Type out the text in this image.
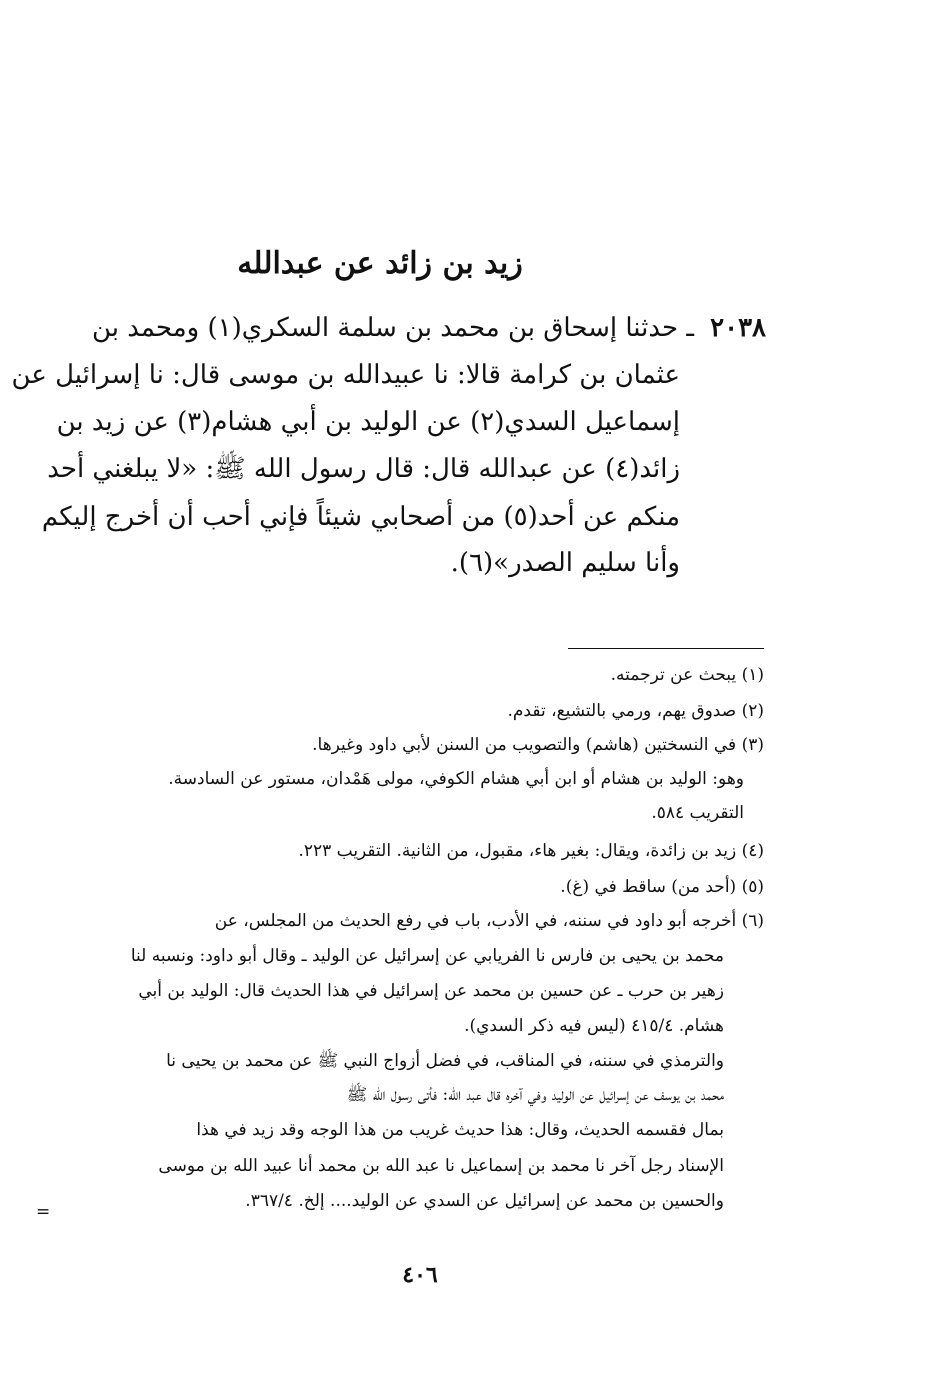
زيد بن زائد عن عبدالله
٢٠٣٨
ـ حدثنا إسحاق بن محمد بن سلمة السكري(١) ومحمد بن
عثمان بن كرامة قالا: نا عبيدالله بن موسى قال: نا إسرائيل عن
إسماعيل السدي(٢) عن الوليد بن أبي هشام(٣) عن زيد بن
زائد(٤) عن عبدالله قال: قال رسول الله ﷺ: «لا يبلغني أحد
منكم عن أحد(٥) من أصحابي شيئاً فإني أحب أن أخرج إليكم
وأنا سليم الصدر»(٦).
(١) يبحث عن ترجمته.
(٢) صدوق يهم، ورمي بالتشيع، تقدم.
(٣) في النسختين (هاشم) والتصويب من السنن لأبي داود وغيرها.
وهو: الوليد بن هشام أو ابن أبي هشام الكوفي، مولى هَمْدان، مستور عن السادسة.
التقريب ٥٨٤.
(٤) زيد بن زائدة، ويقال: بغير هاء، مقبول، من الثانية. التقريب ٢٢٣.
(٥) (أحد من) ساقط في (غ).
(٦) أخرجه أبو داود في سننه، في الأدب، باب في رفع الحديث من المجلس، عن
محمد بن يحيى بن فارس نا الفريابي عن إسرائيل عن الوليد ـ وقال أبو داود: ونسبه لنا
زهير بن حرب ـ عن حسين بن محمد عن إسرائيل في هذا الحديث قال: الوليد بن أبي
هشام. ٤١٥/٤ (ليس فيه ذكر السدي).
والترمذي في سننه، في المناقب، في فضل أزواج النبي ﷺ عن محمد بن يحيى نا
محمد بن يوسف عن إسرائيل عن الوليد وفي آخره قال عبد الله: فأتى رسول الله ﷺ
بمال فقسمه الحديث، وقال: هذا حديث غريب من هذا الوجه وقد زيد في هذا
الإسناد رجل آخر نا محمد بن إسماعيل نا عبد الله بن محمد أنا عبيد الله بن موسى
والحسين بن محمد عن إسرائيل عن السدي عن الوليد.... إلخ. ٣٦٧/٤.
=
٤٠٦
